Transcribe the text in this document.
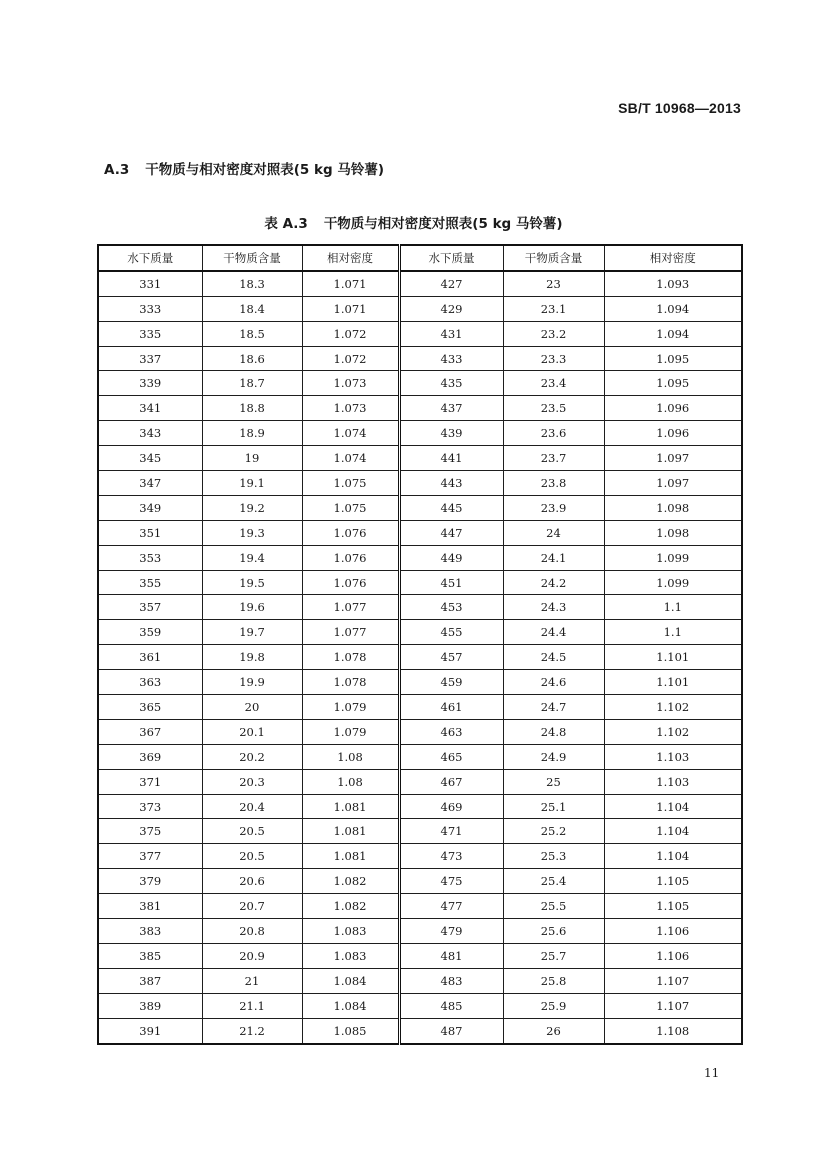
SB/T 10968—2013
A.3 干物质与相对密度对照表(5 kg 马铃薯)
表 A.3 干物质与相对密度对照表(5 kg 马铃薯)
水下质量	干物质含量	相对密度	水下质量	干物质含量	相对密度
331	18.3	1.071	427	23	1.093
333	18.4	1.071	429	23.1	1.094
335	18.5	1.072	431	23.2	1.094
337	18.6	1.072	433	23.3	1.095
339	18.7	1.073	435	23.4	1.095
341	18.8	1.073	437	23.5	1.096
343	18.9	1.074	439	23.6	1.096
345	19	1.074	441	23.7	1.097
347	19.1	1.075	443	23.8	1.097
349	19.2	1.075	445	23.9	1.098
351	19.3	1.076	447	24	1.098
353	19.4	1.076	449	24.1	1.099
355	19.5	1.076	451	24.2	1.099
357	19.6	1.077	453	24.3	1.1
359	19.7	1.077	455	24.4	1.1
361	19.8	1.078	457	24.5	1.101
363	19.9	1.078	459	24.6	1.101
365	20	1.079	461	24.7	1.102
367	20.1	1.079	463	24.8	1.102
369	20.2	1.08	465	24.9	1.103
371	20.3	1.08	467	25	1.103
373	20.4	1.081	469	25.1	1.104
375	20.5	1.081	471	25.2	1.104
377	20.5	1.081	473	25.3	1.104
379	20.6	1.082	475	25.4	1.105
381	20.7	1.082	477	25.5	1.105
383	20.8	1.083	479	25.6	1.106
385	20.9	1.083	481	25.7	1.106
387	21	1.084	483	25.8	1.107
389	21.1	1.084	485	25.9	1.107
391	21.2	1.085	487	26	1.108
11
